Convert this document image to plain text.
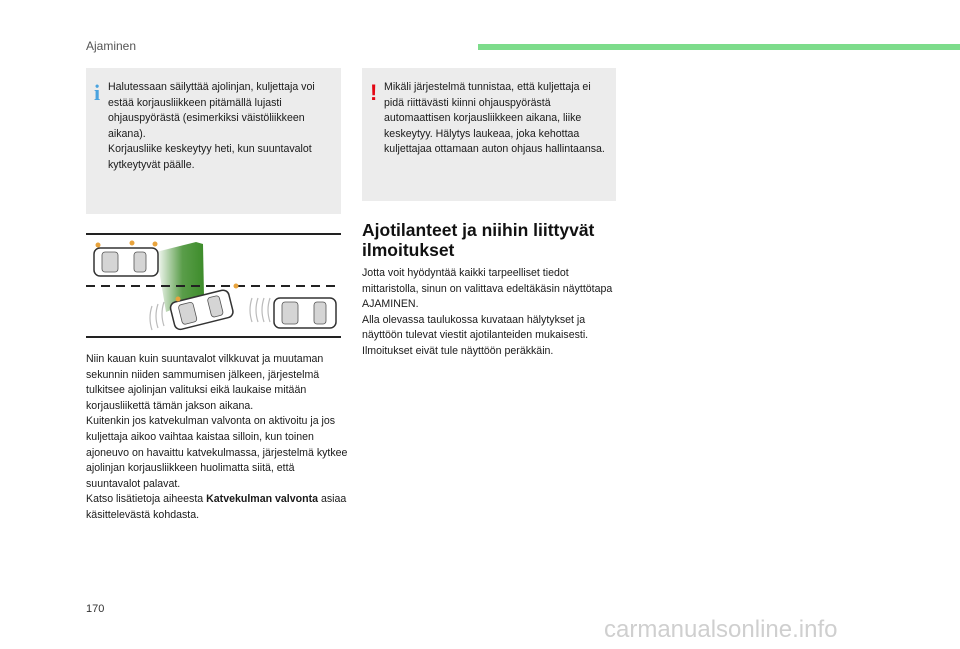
Ajaminen
i Halutessaan säilyttää ajolinjan, kuljettaja voi estää korjausliikkeen pitämällä lujasti ohjauspyörästä (esimerkiksi väistöliikkeen aikana).
Korjausliike keskeytyy heti, kun suuntavalot kytkeytyvät päälle.
! Mikäli järjestelmä tunnistaa, että kuljettaja ei pidä riittävästi kiinni ohjauspyörästä automaattisen korjausliikkeen aikana, liike keskeytyy. Hälytys laukeaa, joka kehottaa kuljettajaa ottamaan auton ohjaus hallintaansa.
Niin kauan kuin suuntavalot vilkkuvat ja muutaman sekunnin niiden sammumisen jälkeen, järjestelmä tulkitsee ajolinjan valituksi eikä laukaise mitään korjausliikettä tämän jakson aikana.
Kuitenkin jos katvekulman valvonta on aktivoitu ja jos kuljettaja aikoo vaihtaa kaistaa silloin, kun toinen ajoneuvo on havaittu katvekulmassa, järjestelmä kytkee ajolinjan korjausliikkeen huolimatta siitä, että suuntavalot palavat.
Katso lisätietoja aiheesta Katvekulman valvonta asiaa käsittelevästä kohdasta.
Ajotilanteet ja niihin liittyvät ilmoitukset
Jotta voit hyödyntää kaikki tarpeelliset tiedot mittaristolla, sinun on valittava edeltäkäsin näyttötapa AJAMINEN.
Alla olevassa taulukossa kuvataan hälytykset ja näyttöön tulevat viestit ajotilanteiden mukaisesti.
Ilmoitukset eivät tule näyttöön peräkkäin.
170
carmanualsonline.info
